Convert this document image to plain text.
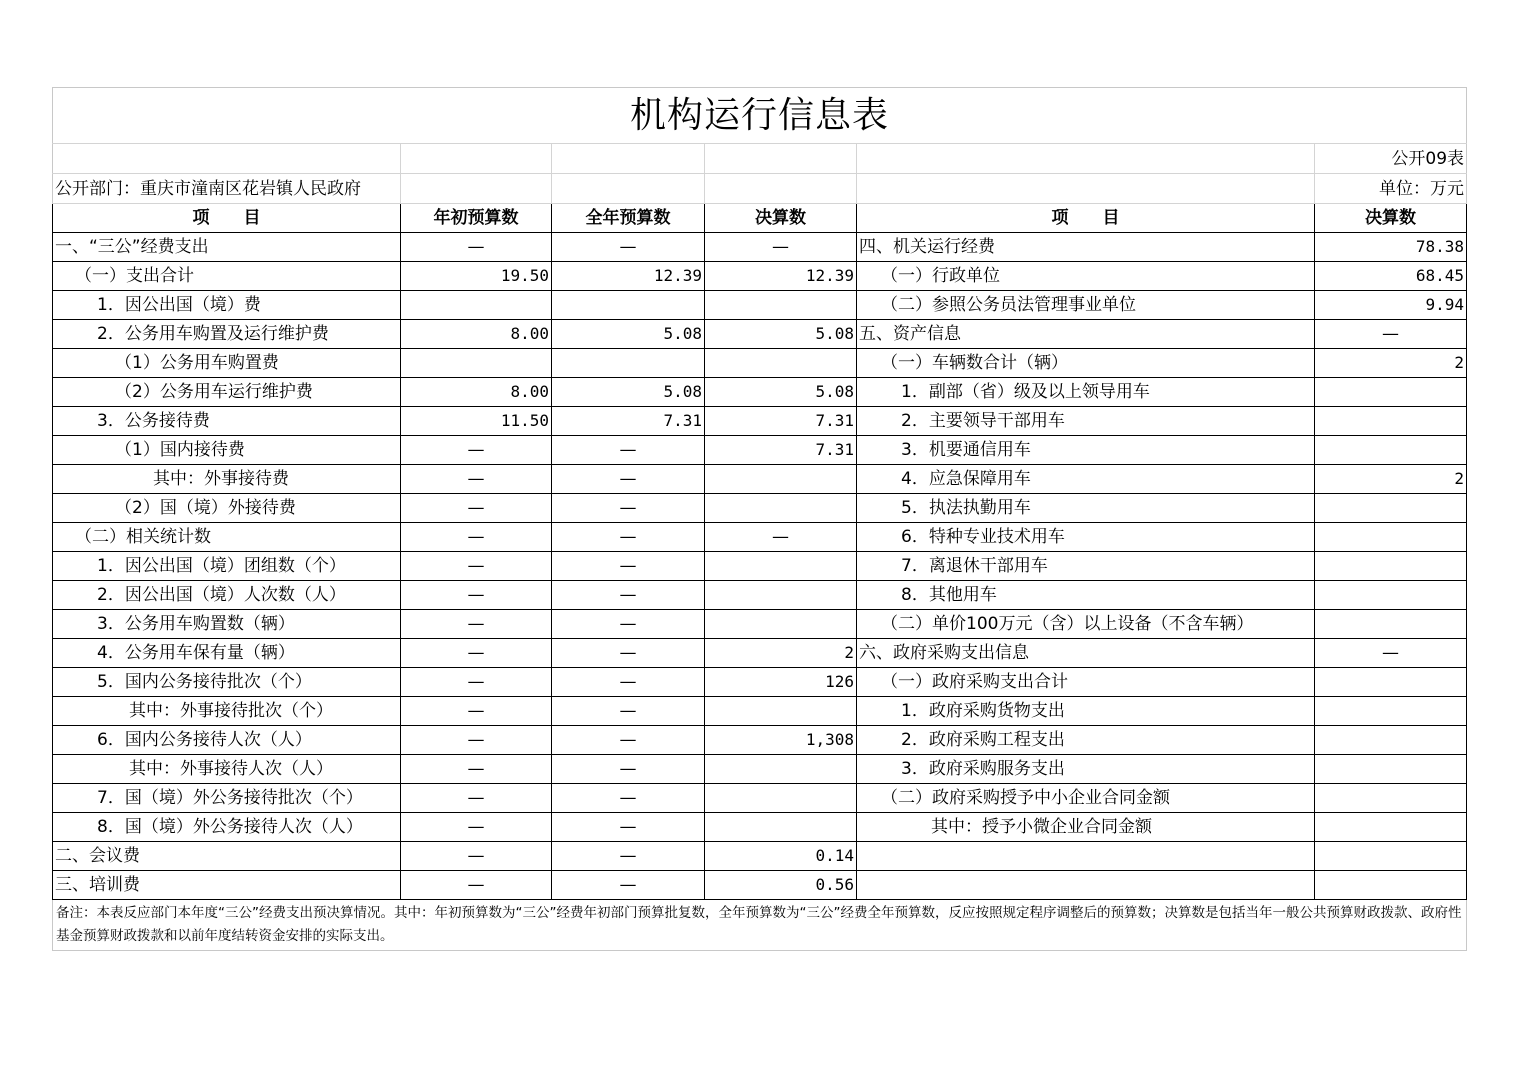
机构运行信息表					
					公开09表
公开部门：重庆市潼南区花岩镇人民政府					单位：万元
项　　目	年初预算数	全年预算数	决算数	项　　目	决算数
一、“三公”经费支出	—	—	—	四、机关运行经费	78.38
（一）支出合计	19.50	12.39	12.39	（一）行政单位	68.45
1．因公出国（境）费				（二）参照公务员法管理事业单位	9.94
2．公务用车购置及运行维护费	8.00	5.08	5.08	五、资产信息	—
（1）公务用车购置费				（一）车辆数合计（辆）	2
（2）公务用车运行维护费	8.00	5.08	5.08	1．副部（省）级及以上领导用车	
3．公务接待费	11.50	7.31	7.31	2．主要领导干部用车	
（1）国内接待费	—	—	7.31	3．机要通信用车	
其中：外事接待费	—	—		4．应急保障用车	2
（2）国（境）外接待费	—	—		5．执法执勤用车	
（二）相关统计数	—	—	—	6．特种专业技术用车	
1．因公出国（境）团组数（个）	—	—		7．离退休干部用车	
2．因公出国（境）人次数（人）	—	—		8．其他用车	
3．公务用车购置数（辆）	—	—		（二）单价100万元（含）以上设备（不含车辆）	
4．公务用车保有量（辆）	—	—	2	六、政府采购支出信息	—
5．国内公务接待批次（个）	—	—	126	（一）政府采购支出合计	
其中：外事接待批次（个）	—	—		1．政府采购货物支出	
6．国内公务接待人次（人）	—	—	1,308	2．政府采购工程支出	
其中：外事接待人次（人）	—	—		3．政府采购服务支出	
7．国（境）外公务接待批次（个）	—	—		（二）政府采购授予中小企业合同金额	
8．国（境）外公务接待人次（人）	—	—		其中：授予小微企业合同金额	
二、会议费	—	—	0.14		
三、培训费	—	—	0.56		
备注：本表反应部门本年度“三公”经费支出预决算情况。其中：年初预算数为“三公”经费年初部门预算批复数，全年预算数为“三公”经费全年预算数，反应按照规定程序调整后的预算数；决算数是包括当年一般公共预算财政拨款、政府性基金预算财政拨款和以前年度结转资金安排的实际支出。					
